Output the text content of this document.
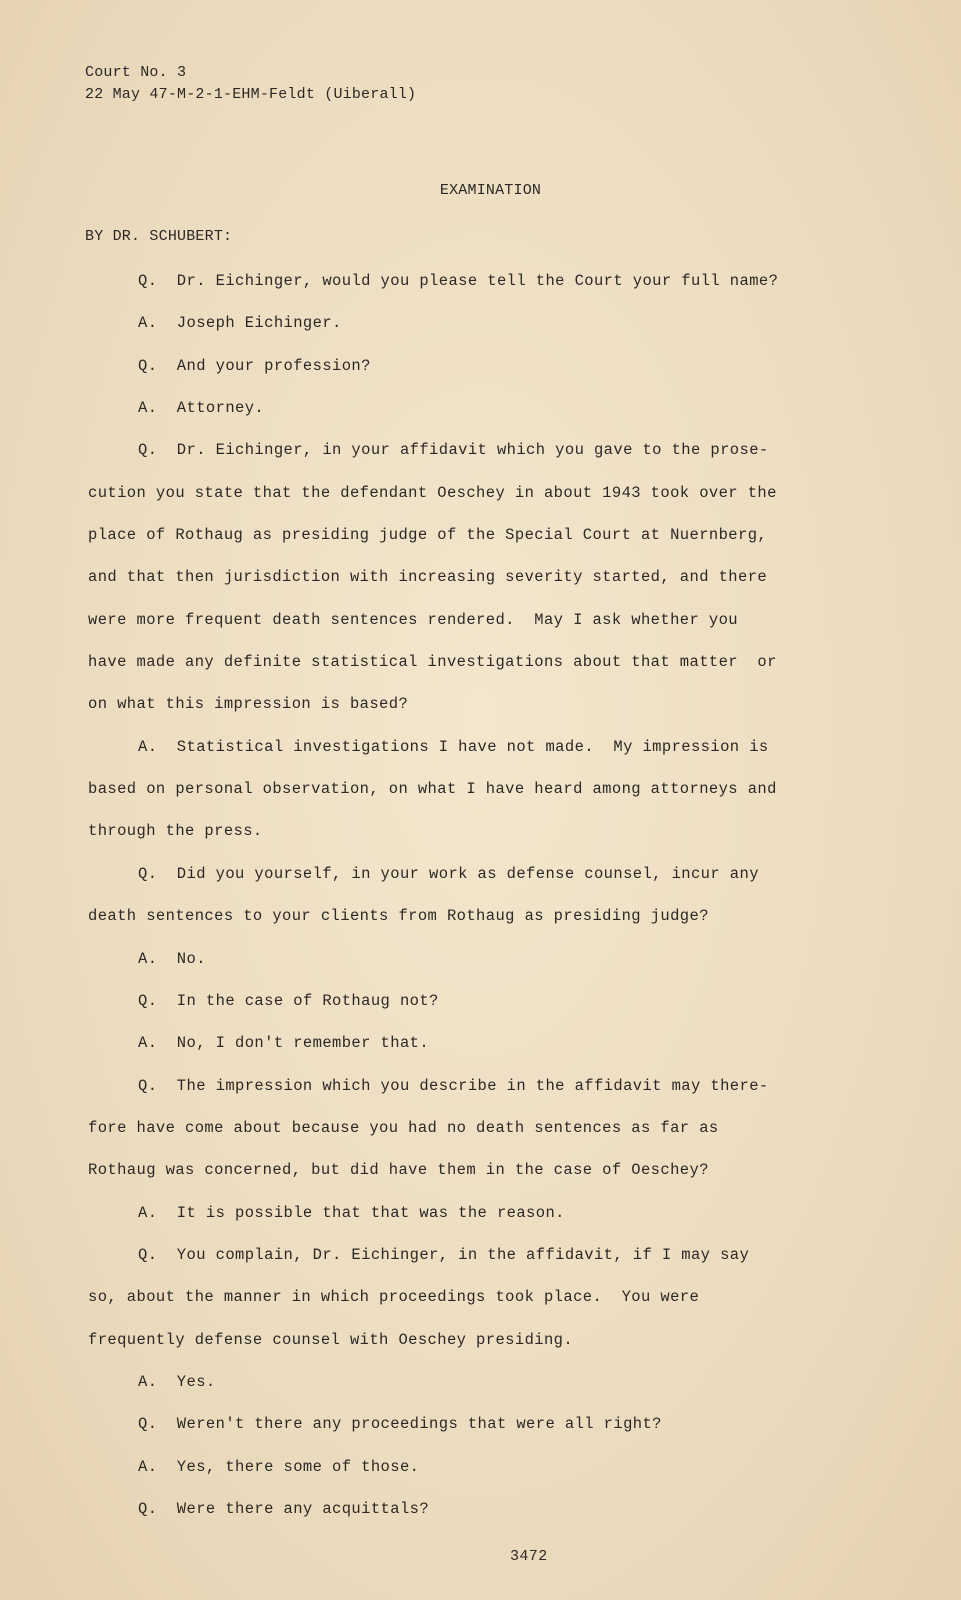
Court No. 3
22 May 47-M-2-1-EHM-Feldt (Uiberall)
EXAMINATION
BY DR. SCHUBERT:
Q.  Dr. Eichinger, would you please tell the Court your full name?
A.  Joseph Eichinger.
Q.  And your profession?
A.  Attorney.
Q.  Dr. Eichinger, in your affidavit which you gave to the prose-
cution you state that the defendant Oeschey in about 1943 took over the
place of Rothaug as presiding judge of the Special Court at Nuernberg,
and that then jurisdiction with increasing severity started, and there
were more frequent death sentences rendered.  May I ask whether you
have made any definite statistical investigations about that matter  or
on what this impression is based?
A.  Statistical investigations I have not made.  My impression is
based on personal observation, on what I have heard among attorneys and
through the press.
Q.  Did you yourself, in your work as defense counsel, incur any
death sentences to your clients from Rothaug as presiding judge?
A.  No.
Q.  In the case of Rothaug not?
A.  No, I don't remember that.
Q.  The impression which you describe in the affidavit may there-
fore have come about because you had no death sentences as far as
Rothaug was concerned, but did have them in the case of Oeschey?
A.  It is possible that that was the reason.
Q.  You complain, Dr. Eichinger, in the affidavit, if I may say
so, about the manner in which proceedings took place.  You were
frequently defense counsel with Oeschey presiding.
A.  Yes.
Q.  Weren't there any proceedings that were all right?
A.  Yes, there some of those.
Q.  Were there any acquittals?
3472
